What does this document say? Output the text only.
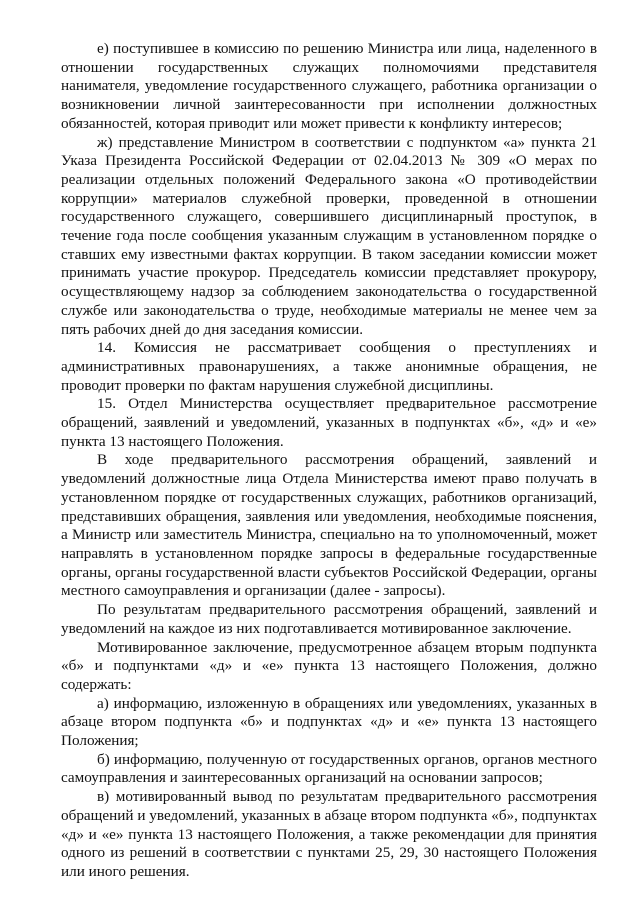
е) поступившее в комиссию по решению Министра или лица, наделенного в отношении государственных служащих полномочиями представителя нанимателя, уведомление государственного служащего, работника организации о возникновении личной заинтересованности при исполнении должностных обязанностей, которая приводит или может привести к конфликту интересов;

ж) представление Министром в соответствии с подпунктом «а» пункта 21 Указа Президента Российской Федерации от 02.04.2013 № 309 «О мерах по реализации отдельных положений Федерального закона «О противодействии коррупции» материалов служебной проверки, проведенной в отношении государственного служащего, совершившего дисциплинарный проступок, в течение года после сообщения указанным служащим в установленном порядке о ставших ему известными фактах коррупции. В таком заседании комиссии может принимать участие прокурор. Председатель комиссии представляет прокурору, осуществляющему надзор за соблюдением законодательства о государственной службе или законодательства о труде, необходимые материалы не менее чем за пять рабочих дней до дня заседания комиссии.

14. Комиссия не рассматривает сообщения о преступлениях и административных правонарушениях, а также анонимные обращения, не проводит проверки по фактам нарушения служебной дисциплины.

15. Отдел Министерства осуществляет предварительное рассмотрение обращений, заявлений и уведомлений, указанных в подпунктах «б», «д» и «е» пункта 13 настоящего Положения.

В ходе предварительного рассмотрения обращений, заявлений и уведомлений должностные лица Отдела Министерства имеют право получать в установленном порядке от государственных служащих, работников организаций, представивших обращения, заявления или уведомления, необходимые пояснения, а Министр или заместитель Министра, специально на то уполномоченный, может направлять в установленном порядке запросы в федеральные государственные органы, органы государственной власти субъектов Российской Федерации, органы местного самоуправления и организации (далее - запросы).

По результатам предварительного рассмотрения обращений, заявлений и уведомлений на каждое из них подготавливается мотивированное заключение.

Мотивированное заключение, предусмотренное абзацем вторым подпункта «б» и подпунктами «д» и «е» пункта 13 настоящего Положения, должно содержать:

а) информацию, изложенную в обращениях или уведомлениях, указанных в абзаце втором подпункта «б» и подпунктах «д» и «е» пункта 13 настоящего Положения;

б) информацию, полученную от государственных органов, органов местного самоуправления и заинтересованных организаций на основании запросов;

в) мотивированный вывод по результатам предварительного рассмотрения обращений и уведомлений, указанных в абзаце втором подпункта «б», подпунктах «д» и «е» пункта 13 настоящего Положения, а также рекомендации для принятия одного из решений в соответствии с пунктами 25, 29, 30 настоящего Положения или иного решения.
